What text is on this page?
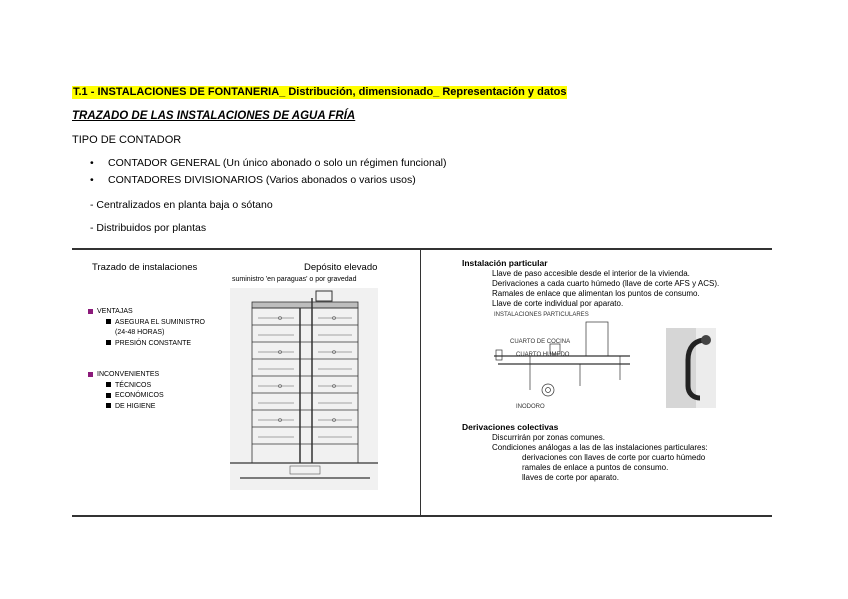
T.1 - INSTALACIONES DE FONTANERIA_ Distribución, dimensionado_ Representación y datos
TRAZADO DE LAS INSTALACIONES DE AGUA FRÍA
TIPO DE CONTADOR
• CONTADOR GENERAL (Un único abonado o solo un régimen funcional)
• CONTADORES DIVISIONARIOS (Varios abonados o varios usos)
- Centralizados en planta baja o sótano
- Distribuidos por plantas
Trazado de instalaciones	Depósito elevado
suministro 'en paraguas' o por gravedad
VENTAJAS
ASEGURA EL SUMINISTRO
(24-48 HORAS)
PRESIÓN CONSTANTE
INCONVENIENTES
TÉCNICOS
ECONÓMICOS
DE HIGIENE
Instalación particular
Llave de paso accesible desde el interior de la vivienda.
Derivaciones a cada cuarto húmedo (llave de corte AFS y ACS).
Ramales de enlace que alimentan los puntos de consumo.
Llave de corte individual por aparato.
INSTALACIONES PARTICULARES
CUARTO DE COCINA
CUARTO HUMEDO
INODORO
Derivaciones colectivas
Discurrirán por zonas comunes.
Condiciones análogas a las de las instalaciones particulares:
derivaciones con llaves de corte por cuarto húmedo
ramales de enlace a puntos de consumo.
llaves de corte por aparato.
